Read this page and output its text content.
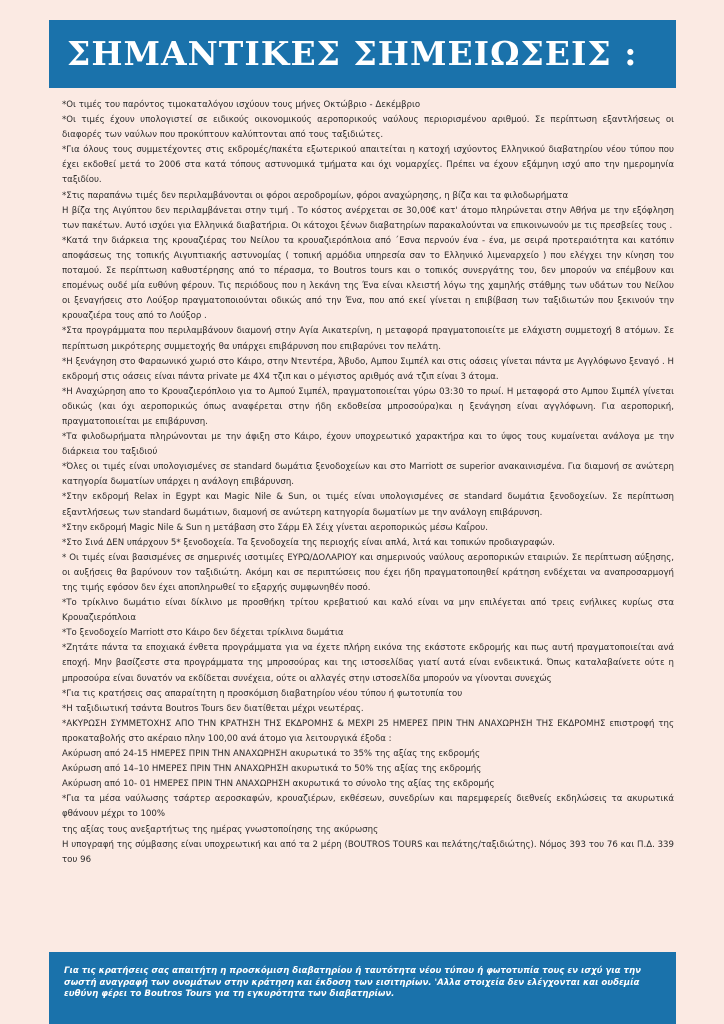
ΣΗΜΑΝΤΙΚΕΣ ΣΗΜΕΙΩΣΕΙΣ :

*Οι τιμές του παρόντος τιμοκαταλόγου ισχύουν τους μήνες Οκτώβριο - Δεκέμβριο

*Οι τιμές έχουν υπολογιστεί σε ειδικούς οικονομικούς αεροπορικούς ναύλους περιορισμένου αριθμού. Σε περίπτωση εξαντλήσεως οι διαφορές των ναύλων που προκύπτουν καλύπτονται από τους ταξιδιώτες.

*Για όλους τους συμμετέχοντες στις εκδρομές/πακέτα εξωτερικού απαιτείται η κατοχή ισχύοντος Ελληνικού διαβατηρίου νέου τύπου που έχει εκδοθεί μετά το 2006 στα κατά τόπους αστυνομικά τμήματα και όχι νομαρχίες. Πρέπει να έχουν εξάμηνη ισχύ απο την ημερομηνία ταξιδίου.

*Στις παραπάνω τιμές δεν περιλαμβάνονται οι φόροι αεροδρομίων, φόροι αναχώρησης, η βίζα και τα φιλοδωρήματα

Η βίζα της Αιγύπτου δεν περιλαμβάνεται στην τιμή . Το κόστος ανέρχεται σε 30,00€ κατ' άτομο πληρώνεται στην Αθήνα με την εξόφληση των πακέτων. Αυτό ισχύει για Ελληνικά διαβατήρια. Οι κάτοχοι ξένων διαβατηρίων παρακαλούνται να επικοινωνούν με τις πρεσβείες τους .

*Κατά την διάρκεια της κρουαζιέρας του Νείλου τα κρουαζιερόπλοια από ΄Εσνα περνούν ένα - ένα, με σειρά προτεραιότητα και κατόπιν αποφάσεως της τοπικής Αιγυπτιακής αστυνομίας ( τοπική αρμόδια υπηρεσία σαν το Ελληνικό λιμεναρχείο ) που ελέγχει την κίνηση του ποταμού. Σε περίπτωση καθυστέρησης από το πέρασμα, το Boutros tours και ο τοπικός συνεργάτης του, δεν μπορούν να επέμβουν και επομένως ουδέ μία ευθύνη φέρουν. Τις περιόδους που η λεκάνη της Ένα είναι κλειστή λόγω της χαμηλής στάθμης των υδάτων του Νείλου οι ξεναγήσεις στο Λούξορ πραγματοποιούνται οδικώς από την Ένα, που από εκεί γίνεται η επιβίβαση των ταξιδιωτών που ξεκινούν την κρουαζιέρα τους από το Λούξορ .

*Στα προγράμματα που περιλαμβάνουν διαμονή στην Αγία Αικατερίνη, η μεταφορά πραγματοποιείτε με ελάχιστη συμμετοχή 8 ατόμων. Σε περίπτωση μικρότερης συμμετοχής θα υπάρχει επιβάρυνση που επιβαρύνει τον πελάτη.

*Η ξενάγηση στο Φαραωνικό χωριό στο Κάιρο, στην Ντεντέρα, Άβυδο, Αμπου Σιμπέλ και στις οάσεις γίνεται πάντα με Αγγλόφωνο ξεναγό . Η εκδρομή στις οάσεις είναι πάντα private με 4Χ4 τζιπ και ο μέγιστος αριθμός ανά τζιπ είναι 3 άτομα.

*Η Αναχώρηση απο το Κρουαζιερόπλοιο για το Αμπού Σιμπέλ, πραγματοποιείται γύρω 03:30 το πρωί. Η μεταφορά στο Αμπου Σιμπέλ γίνεται οδικώς (και όχι αεροπορικώς όπως αναφέρεται στην ήδη εκδοθείσα μπροσούρα)και η ξενάγηση είναι αγγλόφωνη. Για αεροπορική, πραγματοποιείται με επιβάρυνση.

*Τα φιλοδωρήματα πληρώνονται με την άφιξη στο Κάιρο, έχουν υποχρεωτικό χαρακτήρα και το ύψος τους κυμαίνεται ανάλογα με την διάρκεια του ταξιδιού

*Όλες οι τιμές είναι υπολογισμένες σε standard δωμάτια ξενοδοχείων και στο Marriott σε superior ανακαινισμένα. Για διαμονή σε ανώτερη κατηγορία δωματίων υπάρχει η ανάλογη επιβάρυνση.

*Στην εκδρομή Relax in Egypt και Magic Nile & Sun, οι τιμές είναι υπολογισμένες σε standard δωμάτια ξενοδοχείων. Σε περίπτωση εξαντλήσεως των standard δωμάτιων, διαμονή σε ανώτερη κατηγορία δωματίων με την ανάλογη επιβάρυνση.

*Στην εκδρομή Magic Nile & Sun η μετάβαση στο Σάρμ Ελ Σέιχ γίνεται αεροπορικώς μέσω Καΐρου.

*Στο Σινά ΔΕΝ υπάρχουν 5* ξενοδοχεία. Τα ξενοδοχεία της περιοχής είναι απλά, λιτά και τοπικών προδιαγραφών.

* Οι τιμές είναι βασισμένες σε σημερινές ισοτιμίες ΕΥΡΩ/ΔΟΛΑΡΙΟΥ και σημερινούς ναύλους αεροπορικών εταιριών. Σε περίπτωση αύξησης, οι αυξήσεις θα βαρύνουν τον ταξιδιώτη. Ακόμη και σε περιπτώσεις που έχει ήδη πραγματοποιηθεί κράτηση ενδέχεται να αναπροσαρμογή της τιμής εφόσον δεν έχει αποπληρωθεί το εξαρχής συμφωνηθέν ποσό.

*Το τρίκλινο δωμάτιο είναι δίκλινο με προσθήκη τρίτου κρεβατιού και καλό είναι να μην επιλέγεται από τρεις ενήλικες κυρίως στα Κρουαζιερόπλοια

*Το ξενοδοχείο Marriott στο Κάιρο δεν δέχεται τρίκλινα δωμάτια

*Ζητάτε πάντα τα εποχιακά ένθετα προγράμματα για να έχετε πλήρη εικόνα της εκάστοτε εκδρομής και πως αυτή πραγματοποιείται ανά εποχή. Μην βασίζεστε στα προγράμματα της μπροσούρας και της ιστοσελίδας γιατί αυτά είναι ενδεικτικά. Όπως καταλαβαίνετε ούτε η μπροσούρα είναι δυνατόν να εκδίδεται συνέχεια, ούτε οι αλλαγές στην ιστοσελίδα μπορούν να γίνονται συνεχώς

*Για τις κρατήσεις σας απαραίτητη η προσκόμιση διαβατηρίου νέου τύπου ή φωτοτυπία του

*Η ταξιδιωτική τσάντα Boutros Tours δεν διατίθεται μέχρι νεωτέρας.

*ΑΚΥΡΩΣΗ ΣΥΜΜΕΤΟΧΗΣ ΑΠΟ ΤΗΝ ΚΡΑΤΗΣΗ ΤΗΣ ΕΚΔΡΟΜΗΣ & ΜΕΧΡΙ 25 ΗΜΕΡΕΣ ΠΡΙΝ ΤΗΝ ΑΝΑΧΩΡΗΣΗ ΤΗΣ ΕΚΔΡΟΜΗΣ επιστροφή της προκαταβολής στο ακέραιο πλην 100,00 ανά άτομο για λειτουργικά έξοδα :

Ακύρωση από 24-15 ΗΜΕΡΕΣ ΠΡΙΝ ΤΗΝ ΑΝΑΧΩΡΗΣΗ ακυρωτικά το 35% της αξίας της εκδρομής

Ακύρωση από 14–10 ΗΜΕΡΕΣ ΠΡΙΝ ΤΗΝ ΑΝΑΧΩΡΗΣΗ ακυρωτικά το 50% της αξίας της εκδρομής

Ακύρωση από 10- 01 ΗΜΕΡΕΣ ΠΡΙΝ ΤΗΝ ΑΝΑΧΩΡΗΣΗ ακυρωτικά το σύνολο της αξίας της εκδρομής

*Για τα μέσα ναύλωσης τσάρτερ αεροσκαφών, κρουαζιέρων, εκθέσεων, συνεδρίων και παρεμφερείς διεθνείς εκδηλώσεις τα ακυρωτικά φθάνουν μέχρι το 100%

της αξίας τους ανεξαρτήτως της ημέρας γνωστοποίησης της ακύρωσης

Η υπογραφή της σύμβασης είναι υποχρεωτική και από τα 2 μέρη (BOUTROS TOURS και πελάτης/ταξιδιώτης). Νόμος 393 του 76 και Π.Δ. 339 του 96

Για τις κρατήσεις σας απαιτήτη η προσκόμιση διαβατηρίου ή ταυτότητα νέου τύπου ή φωτοτυπία τους εν ισχύ για την σωστή αναγραφή των ονομάτων στην κράτηση και έκδοση των εισιτηρίων. 'Αλλα στοιχεία δεν ελέγχονται και ουδεμία ευθύνη φέρει το Boutros Tours για τη εγκυρότητα των διαβατηρίων.
